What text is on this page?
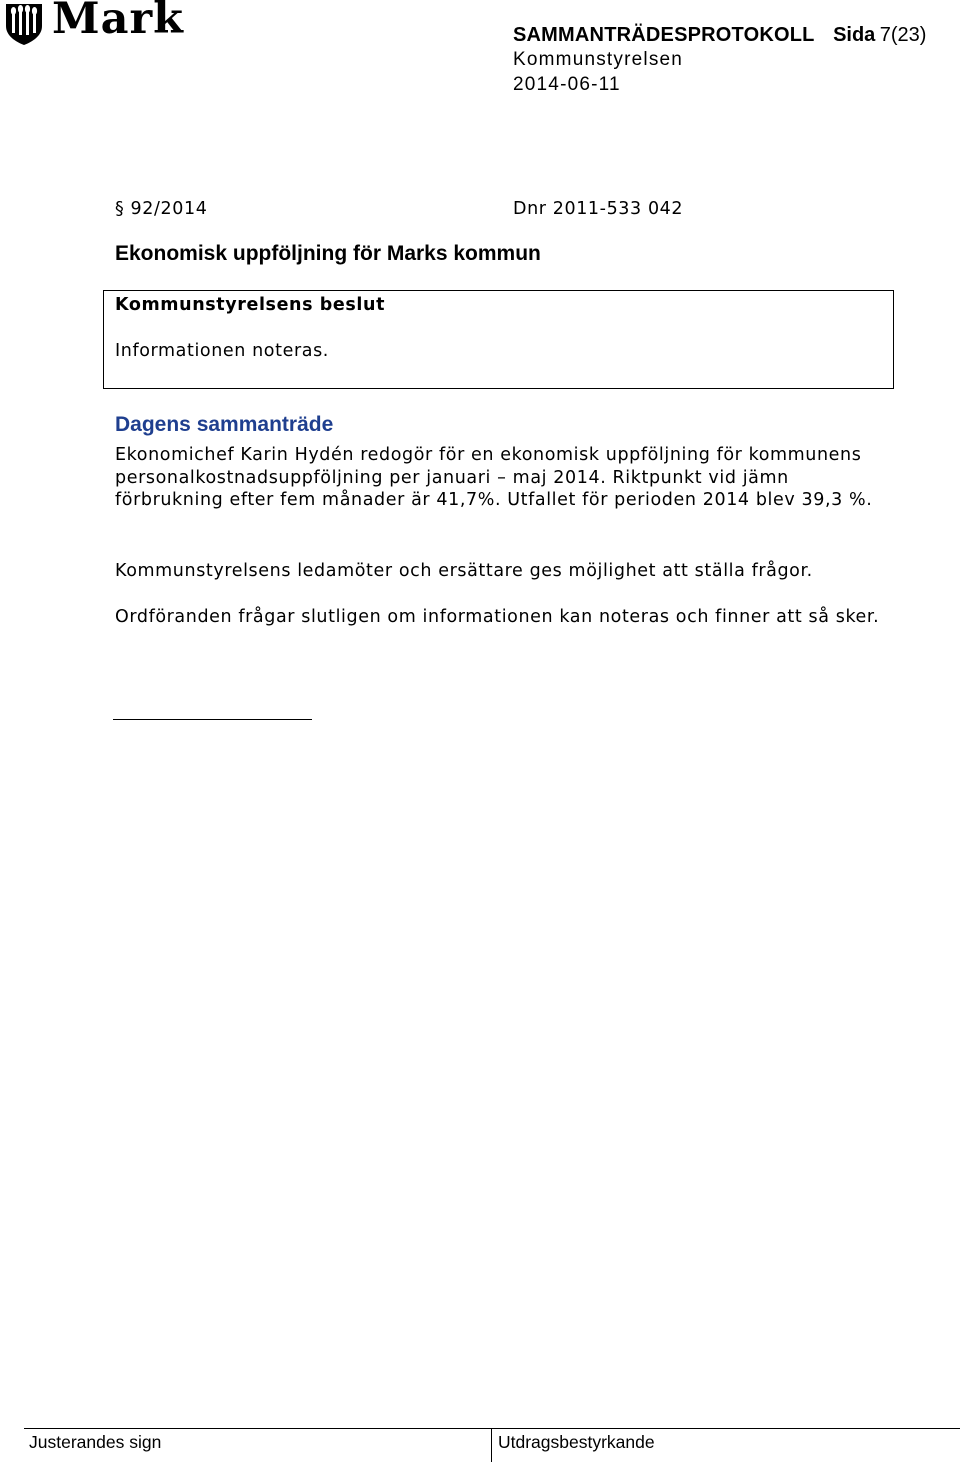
Mark	SAMMANTRÄDESPROTOKOLL Sida 7(23)
Kommunstyrelsen
2014-06-11
§ 92/2014	Dnr 2011-533 042
Ekonomisk uppföljning för Marks kommun
Kommunstyrelsens beslut
Informationen noteras.
Dagens sammanträde

Ekonomichef Karin Hydén redogör för en ekonomisk uppföljning för kommunens personalkostnadsuppföljning per januari – maj 2014. Riktpunkt vid jämn förbrukning efter fem månader är 41,7%. Utfallet för perioden 2014 blev 39,3 %.

Kommunstyrelsens ledamöter och ersättare ges möjlighet att ställa frågor.

Ordföranden frågar slutligen om informationen kan noteras och finner att så sker.

Justerandes sign	Utdragsbestyrkande
